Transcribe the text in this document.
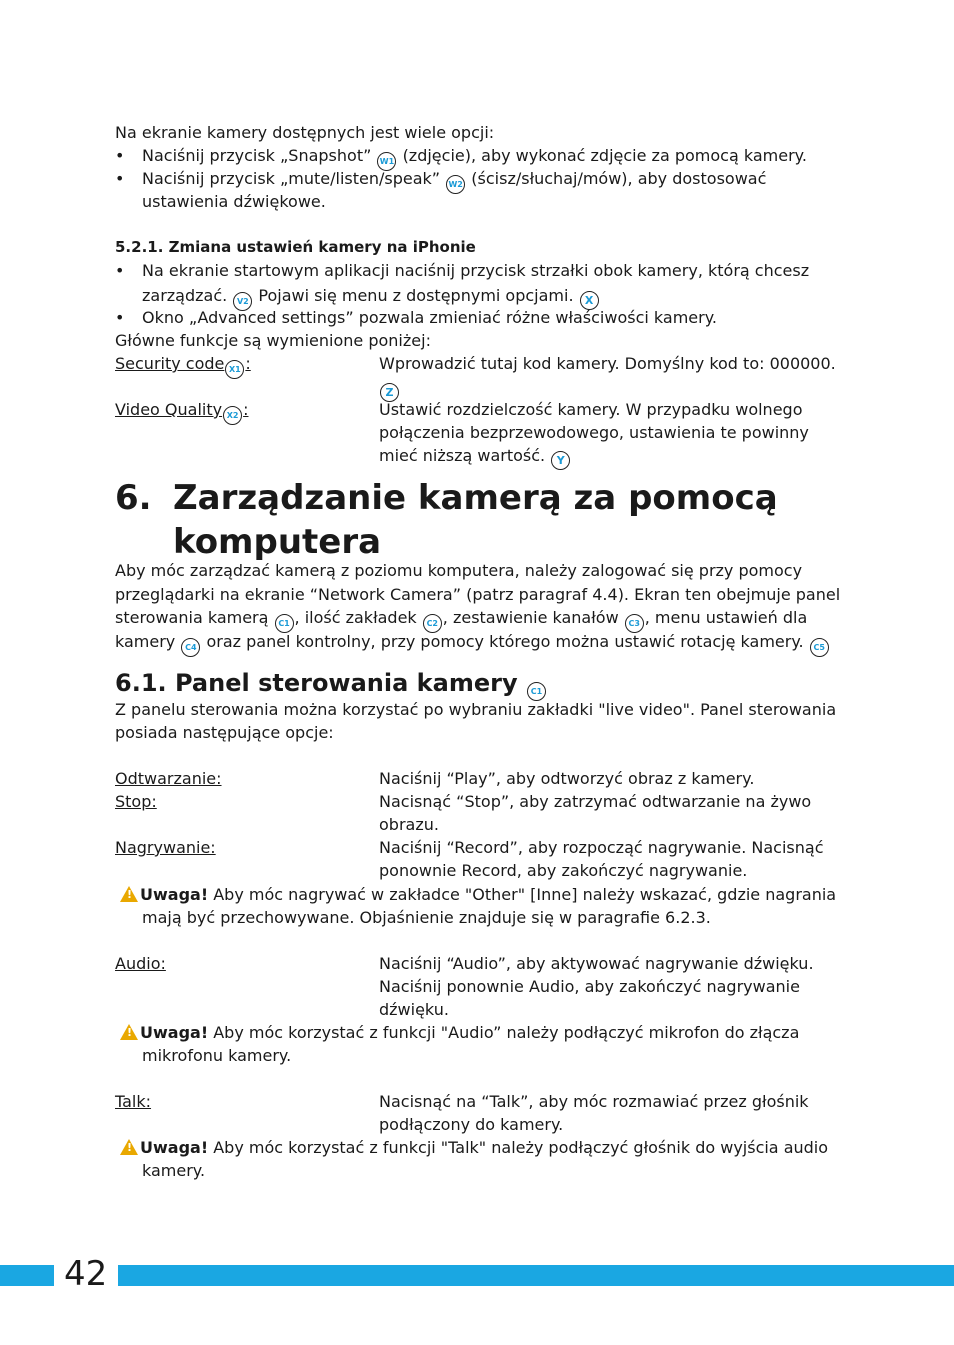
Na ekranie kamery dostępnych jest wiele opcji:
• Naciśnij przycisk „Snapshot” W1 (zdjęcie), aby wykonać zdjęcie za pomocą kamery.
• Naciśnij przycisk „mute/listen/speak” W2 (ścisz/słuchaj/mów), aby dostosować
ustawienia dźwiękowe.
5.2.1. Zmiana ustawień kamery na iPhonie
• Na ekranie startowym aplikacji naciśnij przycisk strzałki obok kamery, którą chcesz
zarządzać. V2 Pojawi się menu z dostępnymi opcjami. X
• Okno „Advanced settings” pozwala zmieniać różne właściwości kamery.
Główne funkcje są wymienione poniżej:
Security code X1 :	Wprowadzić tutaj kod kamery. Domyślny kod to: 000000.
Z
Video Quality X2 :	Ustawić rozdzielczość kamery. W przypadku wolnego
połączenia bezprzewodowego, ustawienia te powinny
mieć niższą wartość. Y
6. Zarządzanie kamerą za pomocą
komputera
Aby móc zarządzać kamerą z poziomu komputera, należy zalogować się przy pomocy
przeglądarki na ekranie “Network Camera” (patrz paragraf 4.4). Ekran ten obejmuje panel
sterowania kamerą C1 , ilość zakładek C2 , zestawienie kanałów C3 , menu ustawień dla
kamery C4 oraz panel kontrolny, przy pomocy którego można ustawić rotację kamery. C5
6.1. Panel sterowania kamery C1
Z panelu sterowania można korzystać po wybraniu zakładki "live video". Panel sterowania
posiada następujące opcje:
Odtwarzanie:	Naciśnij “Play”, aby odtworzyć obraz z kamery.
Stop:	Nacisnąć “Stop”, aby zatrzymać odtwarzanie na żywo
obrazu.
Nagrywanie:	Naciśnij “Record”, aby rozpocząć nagrywanie. Nacisnąć
ponownie Record, aby zakończyć nagrywanie.
!Uwaga! Aby móc nagrywać w zakładce "Other" [Inne] należy wskazać, gdzie nagrania
mają być przechowywane. Objaśnienie znajduje się w paragrafie 6.2.3.
Audio:	Naciśnij “Audio”, aby aktywować nagrywanie dźwięku.
Naciśnij ponownie Audio, aby zakończyć nagrywanie
dźwięku.
!Uwaga! Aby móc korzystać z funkcji "Audio” należy podłączyć mikrofon do złącza
mikrofonu kamery.
Talk:	Nacisnąć na “Talk”, aby móc rozmawiać przez głośnik
podłączony do kamery.
!Uwaga! Aby móc korzystać z funkcji "Talk" należy podłączyć głośnik do wyjścia audio
kamery.
42
